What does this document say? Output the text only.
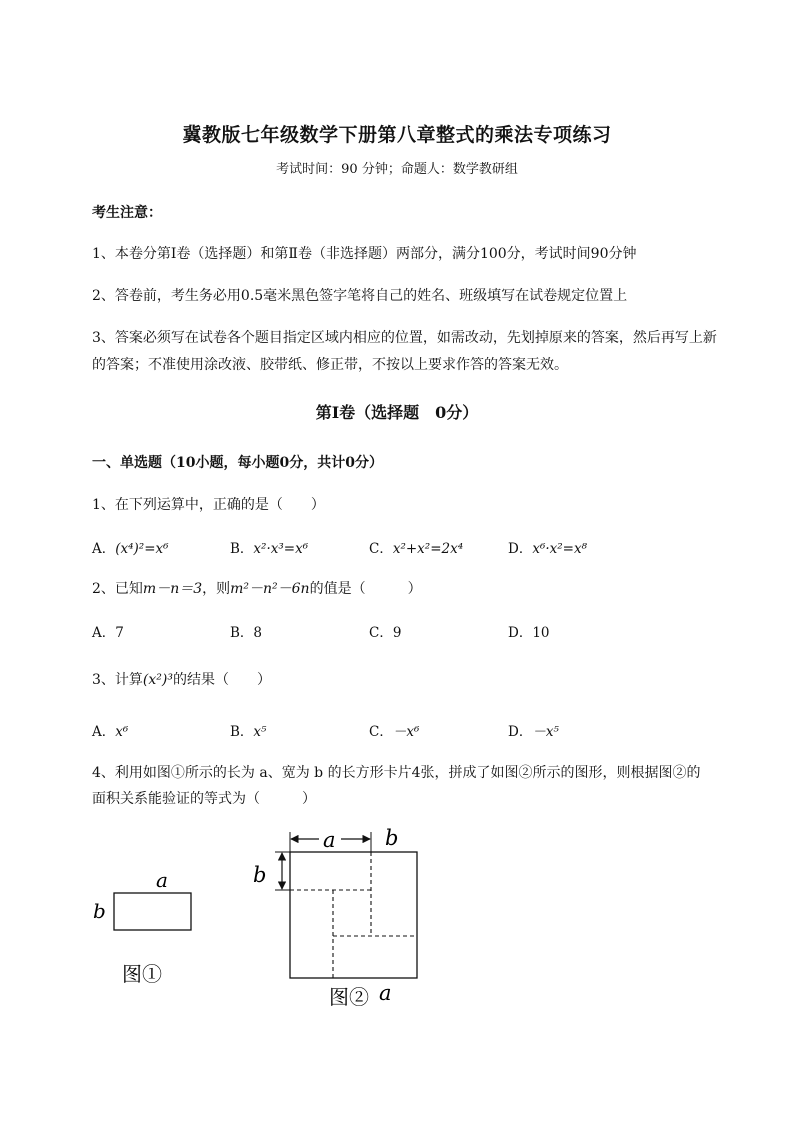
冀教版七年级数学下册第八章整式的乘法专项练习
考试时间：90 分钟；命题人：数学教研组
考生注意：
1、本卷分第Ⅰ卷（选择题）和第Ⅱ卷（非选择题）两部分，满分100分，考试时间90分钟
2、答卷前，考生务必用0.5毫米黑色签字笔将自己的姓名、班级填写在试卷规定位置上
3、答案必须写在试卷各个题目指定区域内相应的位置，如需改动，先划掉原来的答案，然后再写上新
的答案；不准使用涂改液、胶带纸、修正带，不按以上要求作答的答案无效。
第Ⅰ卷（选择题　0分）
一、单选题（10小题，每小题0分，共计0分）
1、在下列运算中，正确的是（　　）
A．(x⁴)²=x⁶	B．x²·x³=x⁶	C．x²+x²=2x⁴	D．x⁶·x²=x⁸
2、已知m－n＝3，则m²－n²－6n的值是（　　　）
A．7	B．8	C．9	D．10
3、计算(x²)³的结果（　　）
A．x⁶	B．x⁵	C．－x⁶	D．－x⁵
4、利用如图①所示的长为 a、宽为 b 的长方形卡片4张，拼成了如图②所示的图形，则根据图②的
面积关系能验证的等式为（　　　）
a
b
图①
a b
b
图② a
